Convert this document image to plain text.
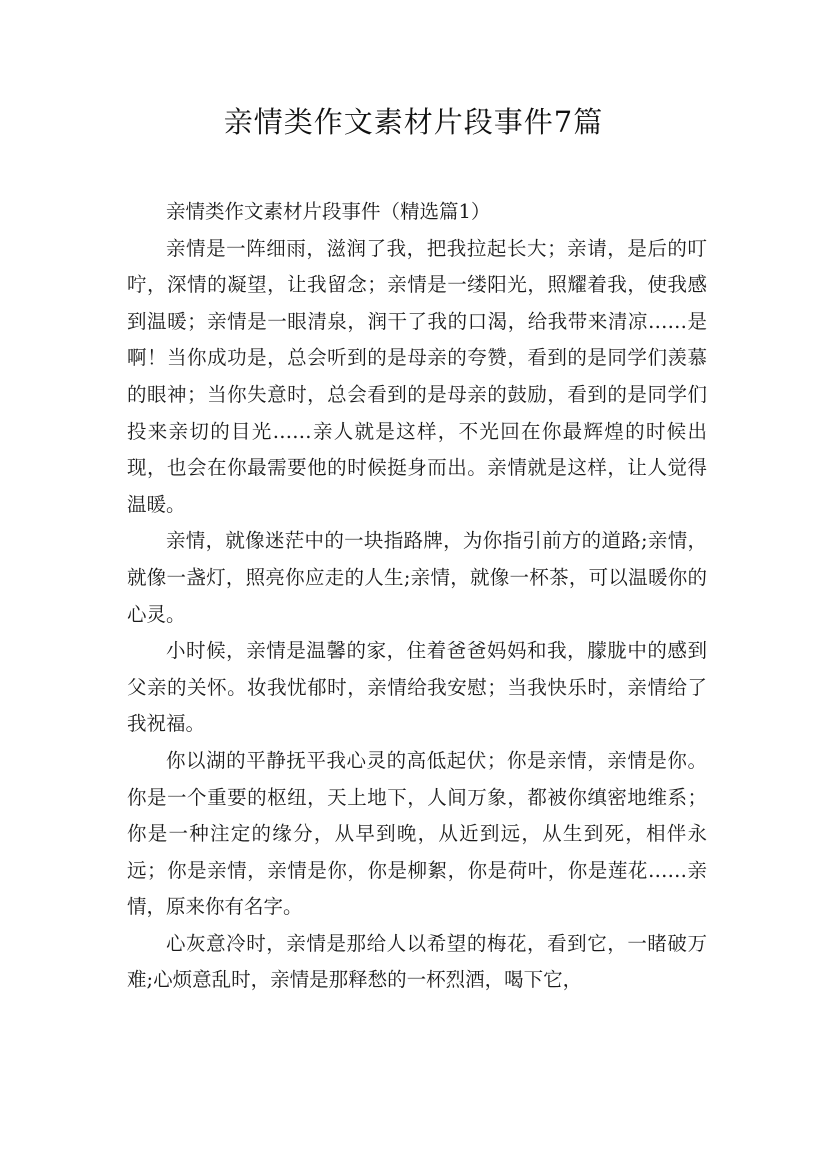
亲情类作文素材片段事件7篇

亲情类作文素材片段事件（精选篇1）

亲情是一阵细雨，滋润了我，把我拉起长大；亲请，是后的叮咛，深情的凝望，让我留念；亲情是一缕阳光，照耀着我，使我感到温暖；亲情是一眼清泉，润干了我的口渴，给我带来清凉……是啊！当你成功是，总会听到的是母亲的夸赞，看到的是同学们羡慕的眼神；当你失意时，总会看到的是母亲的鼓励，看到的是同学们投来亲切的目光……亲人就是这样，不光回在你最辉煌的时候出现，也会在你最需要他的时候挺身而出。亲情就是这样，让人觉得温暖。

亲情，就像迷茫中的一块指路牌，为你指引前方的道路;亲情，就像一盏灯，照亮你应走的人生;亲情，就像一杯茶，可以温暖你的心灵。

小时候，亲情是温馨的家，住着爸爸妈妈和我，朦胧中的感到父亲的关怀。妆我忧郁时，亲情给我安慰；当我快乐时，亲情给了我祝福。

你以湖的平静抚平我心灵的高低起伏；你是亲情，亲情是你。你是一个重要的枢纽，天上地下，人间万象，都被你缜密地维系；你是一种注定的缘分，从早到晚，从近到远，从生到死，相伴永远；你是亲情，亲情是你，你是柳絮，你是荷叶，你是莲花……亲情，原来你有名字。

心灰意冷时，亲情是那给人以希望的梅花，看到它，一睹破万难;心烦意乱时，亲情是那释愁的一杯烈酒，喝下它，
